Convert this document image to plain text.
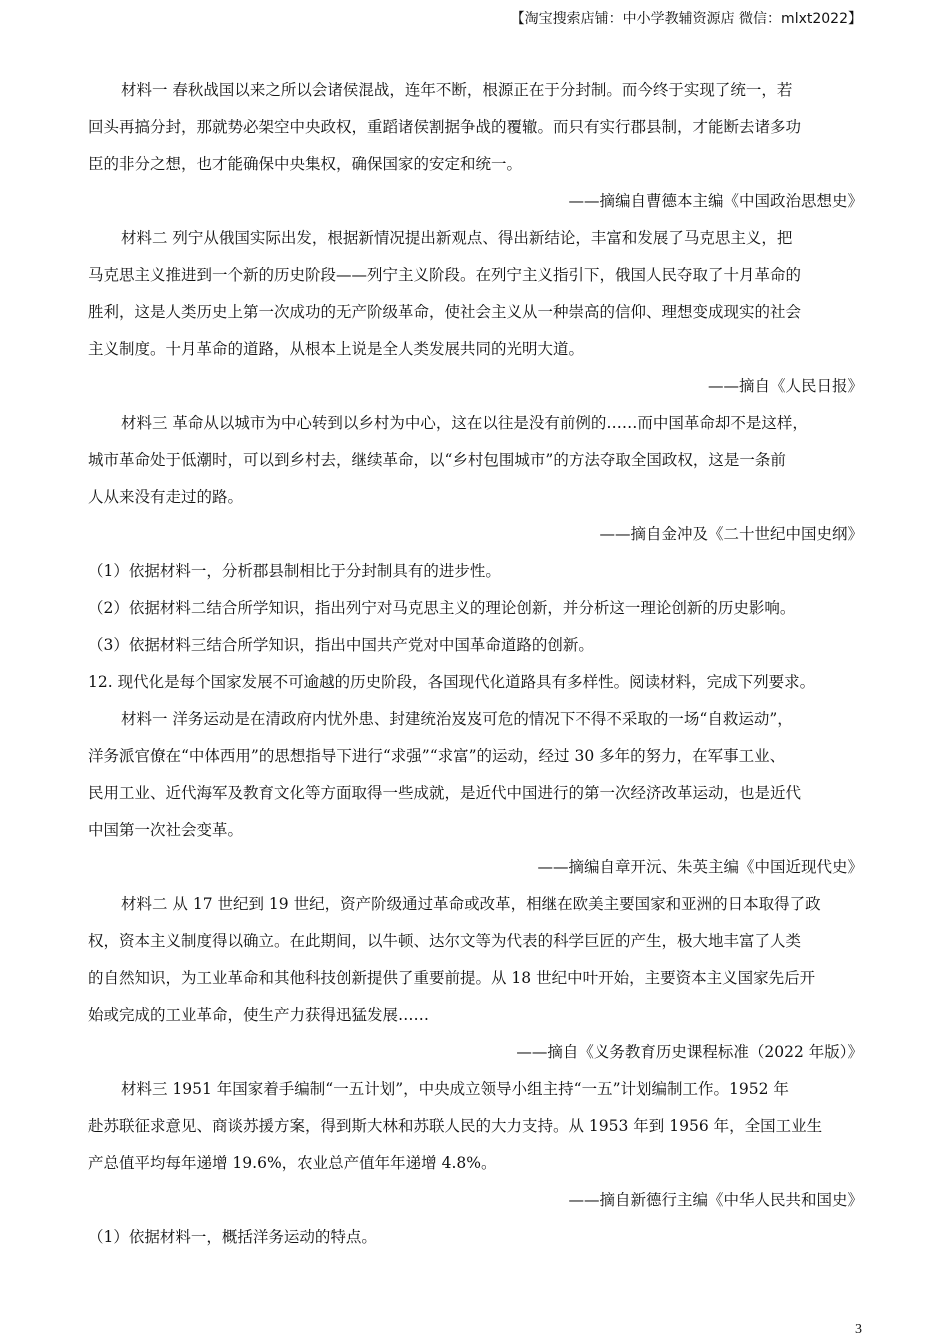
【淘宝搜索店铺：中小学教辅资源店 微信：mlxt2022】
材料一 春秋战国以来之所以会诸侯混战，连年不断，根源正在于分封制。而今终于实现了统一，若
回头再搞分封，那就势必架空中央政权，重蹈诸侯割据争战的覆辙。而只有实行郡县制，才能断去诸多功
臣的非分之想，也才能确保中央集权，确保国家的安定和统一。
——摘编自曹德本主编《中国政治思想史》
材料二 列宁从俄国实际出发，根据新情况提出新观点、得出新结论，丰富和发展了马克思主义，把
马克思主义推进到一个新的历史阶段——列宁主义阶段。在列宁主义指引下，俄国人民夺取了十月革命的
胜利，这是人类历史上第一次成功的无产阶级革命，使社会主义从一种崇高的信仰、理想变成现实的社会
主义制度。十月革命的道路，从根本上说是全人类发展共同的光明大道。
——摘自《人民日报》
材料三 革命从以城市为中心转到以乡村为中心，这在以往是没有前例的……而中国革命却不是这样，
城市革命处于低潮时，可以到乡村去，继续革命，以“乡村包围城市”的方法夺取全国政权，这是一条前
人从来没有走过的路。
——摘自金冲及《二十世纪中国史纲》
（1）依据材料一，分析郡县制相比于分封制具有的进步性。
（2）依据材料二结合所学知识，指出列宁对马克思主义的理论创新，并分析这一理论创新的历史影响。
（3）依据材料三结合所学知识，指出中国共产党对中国革命道路的创新。
12. 现代化是每个国家发展不可逾越的历史阶段，各国现代化道路具有多样性。阅读材料，完成下列要求。
材料一 洋务运动是在清政府内忧外患、封建统治岌岌可危的情况下不得不采取的一场“自救运动”，
洋务派官僚在“中体西用”的思想指导下进行“求强”“求富”的运动，经过 30 多年的努力，在军事工业、
民用工业、近代海军及教育文化等方面取得一些成就，是近代中国进行的第一次经济改革运动，也是近代
中国第一次社会变革。
——摘编自章开沅、朱英主编《中国近现代史》
材料二 从 17 世纪到 19 世纪，资产阶级通过革命或改革，相继在欧美主要国家和亚洲的日本取得了政
权，资本主义制度得以确立。在此期间，以牛顿、达尔文等为代表的科学巨匠的产生，极大地丰富了人类
的自然知识，为工业革命和其他科技创新提供了重要前提。从 18 世纪中叶开始，主要资本主义国家先后开
始或完成的工业革命，使生产力获得迅猛发展……
——摘自《义务教育历史课程标准（2022 年版）》
材料三 1951 年国家着手编制“一五计划”，中央成立领导小组主持“一五”计划编制工作。1952 年
赴苏联征求意见、商谈苏援方案，得到斯大林和苏联人民的大力支持。从 1953 年到 1956 年，全国工业生
产总值平均每年递增 19.6%，农业总产值年年递增 4.8%。
——摘自新德行主编《中华人民共和国史》
（1）依据材料一，概括洋务运动的特点。
3
